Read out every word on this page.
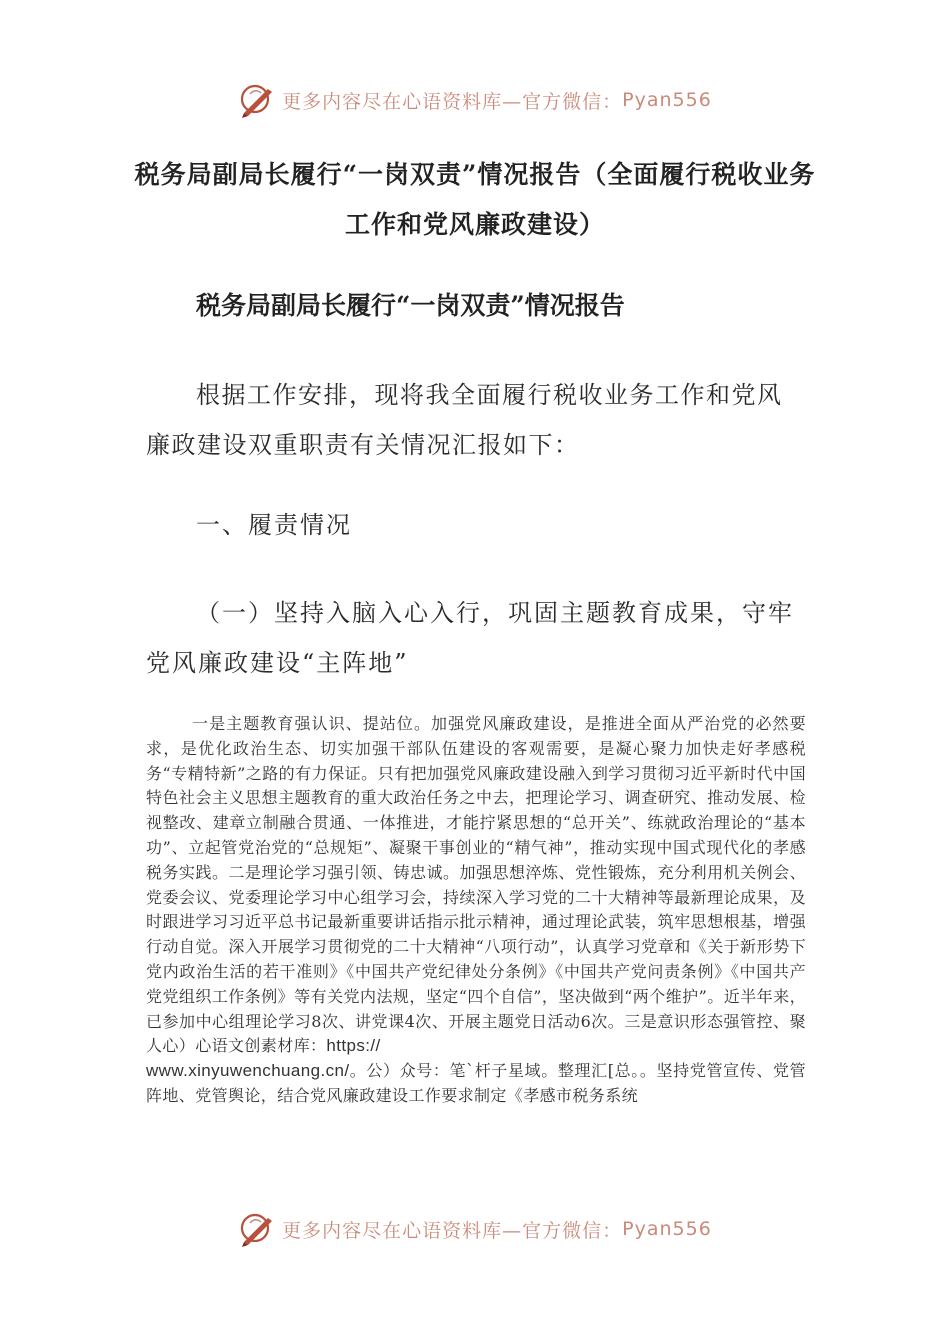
更多内容尽在心语资料库—官方微信： Pyan556
税务局副局长履行“一岗双责”情况报告（全面履行税收业务工作和党风廉政建设）
税务局副局长履行“一岗双责”情况报告
根据工作安排，现将我全面履行税收业务工作和党风
廉政建设双重职责有关情况汇报如下：
一、履责情况
（一）坚持入脑入心入行，巩固主题教育成果，守牢
党风廉政建设“主阵地”
一是主题教育强认识、提站位。加强党风廉政建设，是推进全面从严治党的必然要求，是优化政治生态、切实加强干部队伍建设的客观需要，是凝心聚力加快走好孝感税务“专精特新”之路的有力保证。只有把加强党风廉政建设融入到学习贯彻习近平新时代中国特色社会主义思想主题教育的重大政治任务之中去，把理论学习、调查研究、推动发展、检视整改、建章立制融合贯通、一体推进，才能拧紧思想的“总开关”、练就政治理论的“基本功”、立起管党治党的“总规矩”、凝聚干事创业的“精气神”，推动实现中国式现代化的孝感税务实践。二是理论学习强引领、铸忠诚。加强思想淬炼、党性锻炼，充分利用机关例会、党委会议、党委理论学习中心组学习会，持续深入学习党的二十大精神等最新理论成果，及时跟进学习习近平总书记最新重要讲话指示批示精神，通过理论武装，筑牢思想根基，增强行动自觉。深入开展学习贯彻党的二十大精神“八项行动”，认真学习党章和《关于新形势下党内政治生活的若干准则》《中国共产党纪律处分条例》《中国共产党问责条例》《中国共产党党组织工作条例》等有关党内法规，坚定“四个自信”，坚决做到“两个维护”。近半年来，已参加中心组理论学习8次、讲党课4次、开展主题党日活动6次。三是意识形态强管控、聚人心）心语文创素材库：https://
www.xinyuwenchuang.cn/。公）众号：笔`杆子星域。整理汇[总。。坚持党管宣传、党管阵地、党管舆论，结合党风廉政建设工作要求制定《孝感市税务系统
更多内容尽在心语资料库—官方微信： Pyan556
